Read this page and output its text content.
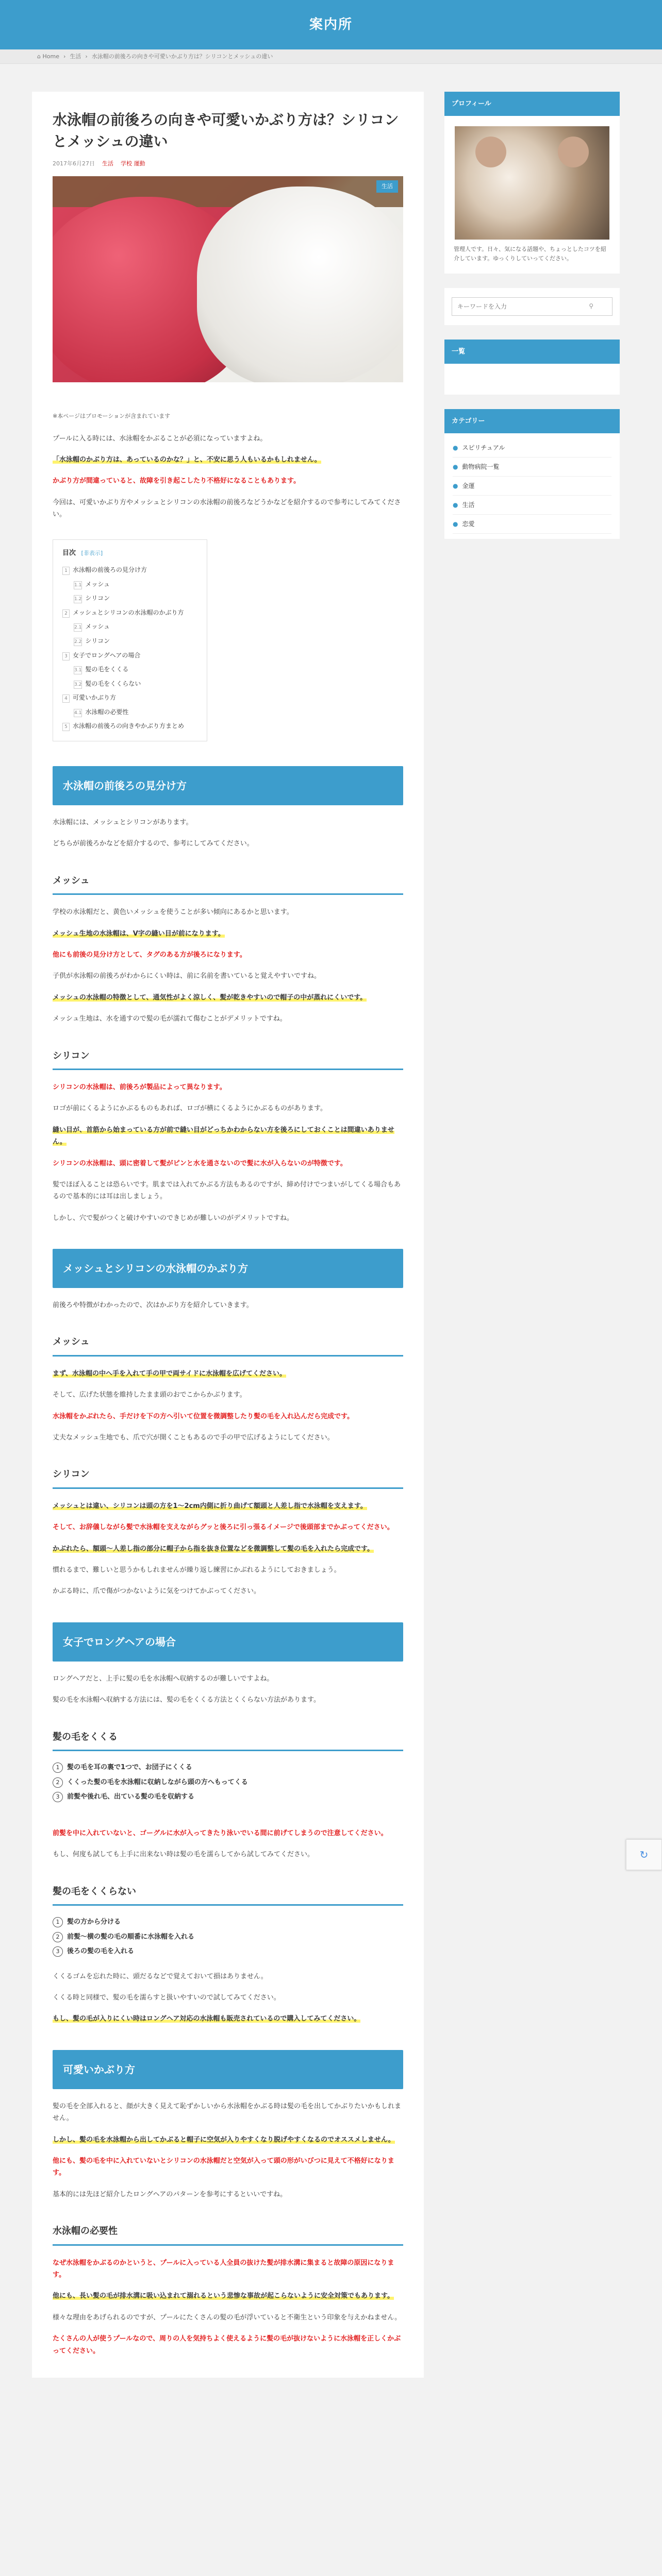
案内所
⌂ Home › 生活 › 水泳帽の前後ろの向きや可愛いかぶり方は？シリコンとメッシュの違い
水泳帽の前後ろの向きや可愛いかぶり方は？シリコンとメッシュの違い
2017年6月27日 生活 学校 運動
生活

※本ページはプロモーションが含まれています

プールに入る時には、水泳帽をかぶることが必須になっていますよね。

「水泳帽のかぶり方は、あっているのかな？」と、不安に思う人もいるかもしれません。

かぶり方が間違っていると、故障を引き起こしたり不格好になることもあります。

今回は、可愛いかぶり方やメッシュとシリコンの水泳帽の前後ろなどうかなどを紹介するので参考にしてみてください。

目次 [非表示]
1 水泳帽の前後ろの見分け方
1.1 メッシュ
1.2 シリコン
2 メッシュとシリコンの水泳帽のかぶり方
2.1 メッシュ
2.2 シリコン
3 女子でロングヘアの場合
3.1 髪の毛をくくる
3.2 髪の毛をくくらない
4 可愛いかぶり方
4.1 水泳帽の必要性
5 水泳帽の前後ろの向きやかぶり方まとめ
水泳帽の前後ろの見分け方

水泳帽には、メッシュとシリコンがあります。

どちらが前後ろかなどを紹介するので、参考にしてみてください。

メッシュ

学校の水泳帽だと、黄色いメッシュを使うことが多い傾向にあるかと思います。

メッシュ生地の水泳帽は、V字の縫い目が前になります。

他にも前後の見分け方として、タグのある方が後ろになります。

子供が水泳帽の前後ろがわからにくい時は、前に名前を書いていると覚えやすいですね。

メッシュの水泳帽の特徴として、通気性がよく涼しく、髪が乾きやすいので帽子の中が蒸れにくいです。

メッシュ生地は、水を通すので髪の毛が濡れて傷むことがデメリットですね。

シリコン

シリコンの水泳帽は、前後ろが製品によって異なります。

ロゴが前にくるようにかぶるものもあれば、ロゴが横にくるようにかぶるものがあります。

縫い目が、首筋から始まっている方が前で縫い目がどっちかわからない方を後ろにしておくことは間違いありません。

シリコンの水泳帽は、頭に密着して髪がピンと水を通さないので髪に水が入らないのが特徴です。

髪でほぼ入ることは恐らいです。肌までは入れてかぶる方法もあるのですが、締め付けでつまいがしてくる場合もあるので基本的には耳は出しましょう。

しかし、穴で髪がつくと破けやすいのできじめが難しいのがデメリットですね。

メッシュとシリコンの水泳帽のかぶり方

前後ろや特徴がわかったので、次はかぶり方を紹介していきます。

メッシュ

まず、水泳帽の中へ手を入れて手の甲で両サイドに水泳帽を広げてください。

そして、広げた状態を維持したまま頭のおでこからかぶります。

水泳帽をかぶれたら、手だけを下の方へ引いて位置を微調整したり髪の毛を入れ込んだら完成です。

丈夫なメッシュ生地でも、爪で穴が開くこともあるので手の甲で広げるようにしてください。

シリコン

メッシュとは違い、シリコンは頭の方を1〜2cm内側に折り曲げて額頭と人差し指で水泳帽を支えます。

そして、お辞儀しながら髪で水泳帽を支えながらグッと後ろに引っ張るイメージで後頭部までかぶってください。

かぶれたら、額頭〜人差し指の部分に帽子から指を抜き位置などを微調整して髪の毛を入れたら完成です。

慣れるまで、難しいと思うかもしれませんが繰り返し練習にかぶれるようにしておきましょう。

かぶる時に、爪で傷がつかないように気をつけてかぶってください。

女子でロングヘアの場合

ロングヘアだと、上手に髪の毛を水泳帽へ収納するのが難しいですよね。

髪の毛を水泳帽へ収納する方法には、髪の毛をくくる方法とくくらない方法があります。

髪の毛をくくる
1 髪の毛を耳の裏で1つで、お団子にくくる
2 くくった髪の毛を水泳帽に収納しながら頭の方へもってくる
3 前髪や後れ毛、出ている髪の毛を収納する

前髪を中に入れていないと、ゴーグルに水が入ってきたり泳いでいる間に前げてしまうので注意してください。

もし、何度も試しても上手に出来ない時は髪の毛を濡らしてから試してみてください。

髪の毛をくくらない
1 髪の方から分ける
2 前髪〜横の髪の毛の順番に水泳帽を入れる
3 後ろの髪の毛を入れる

くくるゴムを忘れた時に、頭だるなどで覚えておいて損はありません。

くくる時と同様で、髪の毛を濡らすと扱いやすいので試してみてください。

もし、髪の毛が入りにくい時はロングヘア対応の水泳帽も販売されているので購入してみてください。

可愛いかぶり方

髪の毛を全部入れると、顔が大きく見えて恥ずかしいから水泳帽をかぶる時は髪の毛を出してかぶりたいかもしれません。

しかし、髪の毛を水泳帽から出してかぶると帽子に空気が入りやすくなり脱げやすくなるのでオススメしません。

他にも、髪の毛を中に入れていないとシリコンの水泳帽だと空気が入って頭の形がいびつに見えて不格好になります。

基本的には先ほど紹介したロングヘアのパターンを参考にするといいですね。

水泳帽の必要性

なぜ水泳帽をかぶるのかというと、プールに入っている人全員の抜けた髪が排水溝に集まると故障の原因になります。

他にも、長い髪の毛が排水溝に吸い込まれて溺れるという悲惨な事故が起こらないように安全対策でもあります。

様々な理由をあげられるのですが、プールにたくさんの髪の毛が浮いていると不衛生という印象を与えかねません。

たくさんの人が使うプールなので、周りの人を気持ちよく使えるように髪の毛が抜けないように水泳帽を正しくかぶってください。

プロフィール

管理人です。日々、気になる話題や、ちょっとしたコツを紹介しています。ゆっくりしていってください。

キーワードを入力
⚲
一覧
カテゴリー
● スピリチュアル
● 動物病院一覧
● 金運
● 生活
● 恋愛
↻
